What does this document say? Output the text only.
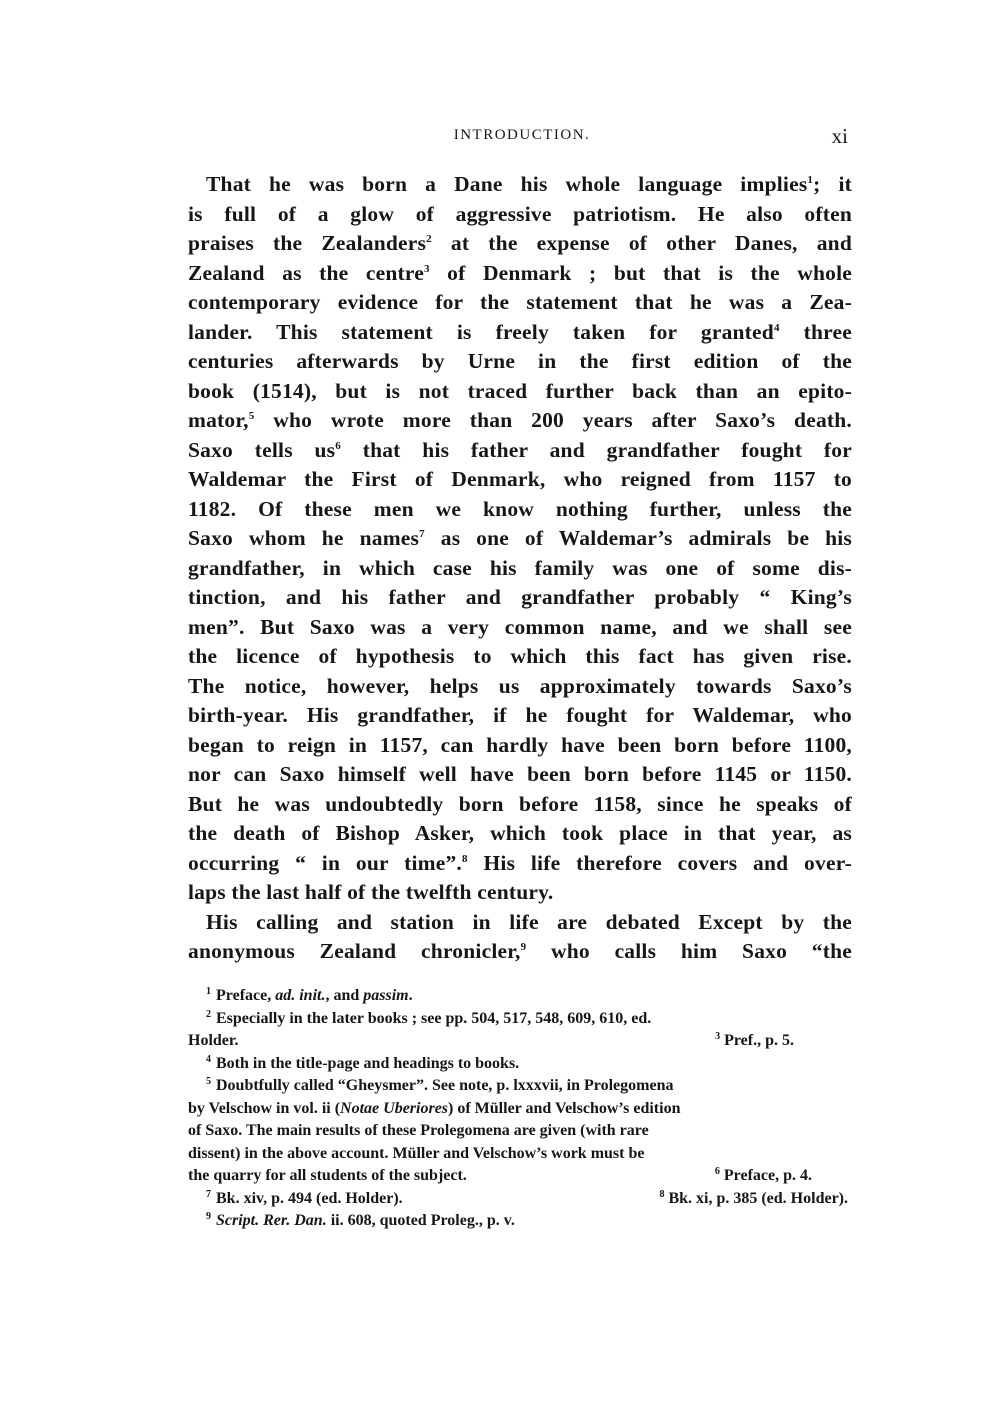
INTRODUCTION.	xi
That he was born a Dane his whole language implies$^1$; it
is full of a glow of aggressive patriotism. He also often
praises the Zealanders$^2$ at the expense of other Danes, and
Zealand as the centre$^3$ of Denmark ; but that is the whole
contemporary evidence for the statement that he was a Zea-
lander. This statement is freely taken for granted$^4$ three
centuries afterwards by Urne in the first edition of the
book (1514), but is not traced further back than an epito-
mator,$^5$ who wrote more than 200 years after Saxo’s death.
Saxo tells us$^6$ that his father and grandfather fought for
Waldemar the First of Denmark, who reigned from 1157 to
1182. Of these men we know nothing further, unless the
Saxo whom he names$^7$ as one of Waldemar’s admirals be his
grandfather, in which case his family was one of some dis-
tinction, and his father and grandfather probably “ King’s
men”. But Saxo was a very common name, and we shall see
the licence of hypothesis to which this fact has given rise.
The notice, however, helps us approximately towards Saxo’s
birth-year. His grandfather, if he fought for Waldemar, who
began to reign in 1157, can hardly have been born before 1100,
nor can Saxo himself well have been born before 1145 or 1150.
But he was undoubtedly born before 1158, since he speaks of
the death of Bishop Asker, which took place in that year, as
occurring “ in our time”.$^8$ His life therefore covers and over-
laps the last half of the twelfth century.
His calling and station in life are debated Except by the
anonymous Zealand chronicler,$^9$ who calls him Saxo “the
$^1$ Preface, ad. init., and passim.
$^2$ Especially in the later books ; see pp. 504, 517, 548, 609, 610, ed.
Holder.	$^3$ Pref., p. 5.
$^4$ Both in the title-page and headings to books.
$^5$ Doubtfully called “Gheysmer”. See note, p. lxxxvii, in Prolegomena
by Velschow in vol. ii (Notae Uberiores) of Müller and Velschow’s edition
of Saxo. The main results of these Prolegomena are given (with rare
dissent) in the above account. Müller and Velschow’s work must be
the quarry for all students of the subject.	$^6$ Preface, p. 4.
$^7$ Bk. xiv, p. 494 (ed. Holder).	$^8$ Bk. xi, p. 385 (ed. Holder).
$^9$ Script. Rer. Dan. ii. 608, quoted Proleg., p. v.
